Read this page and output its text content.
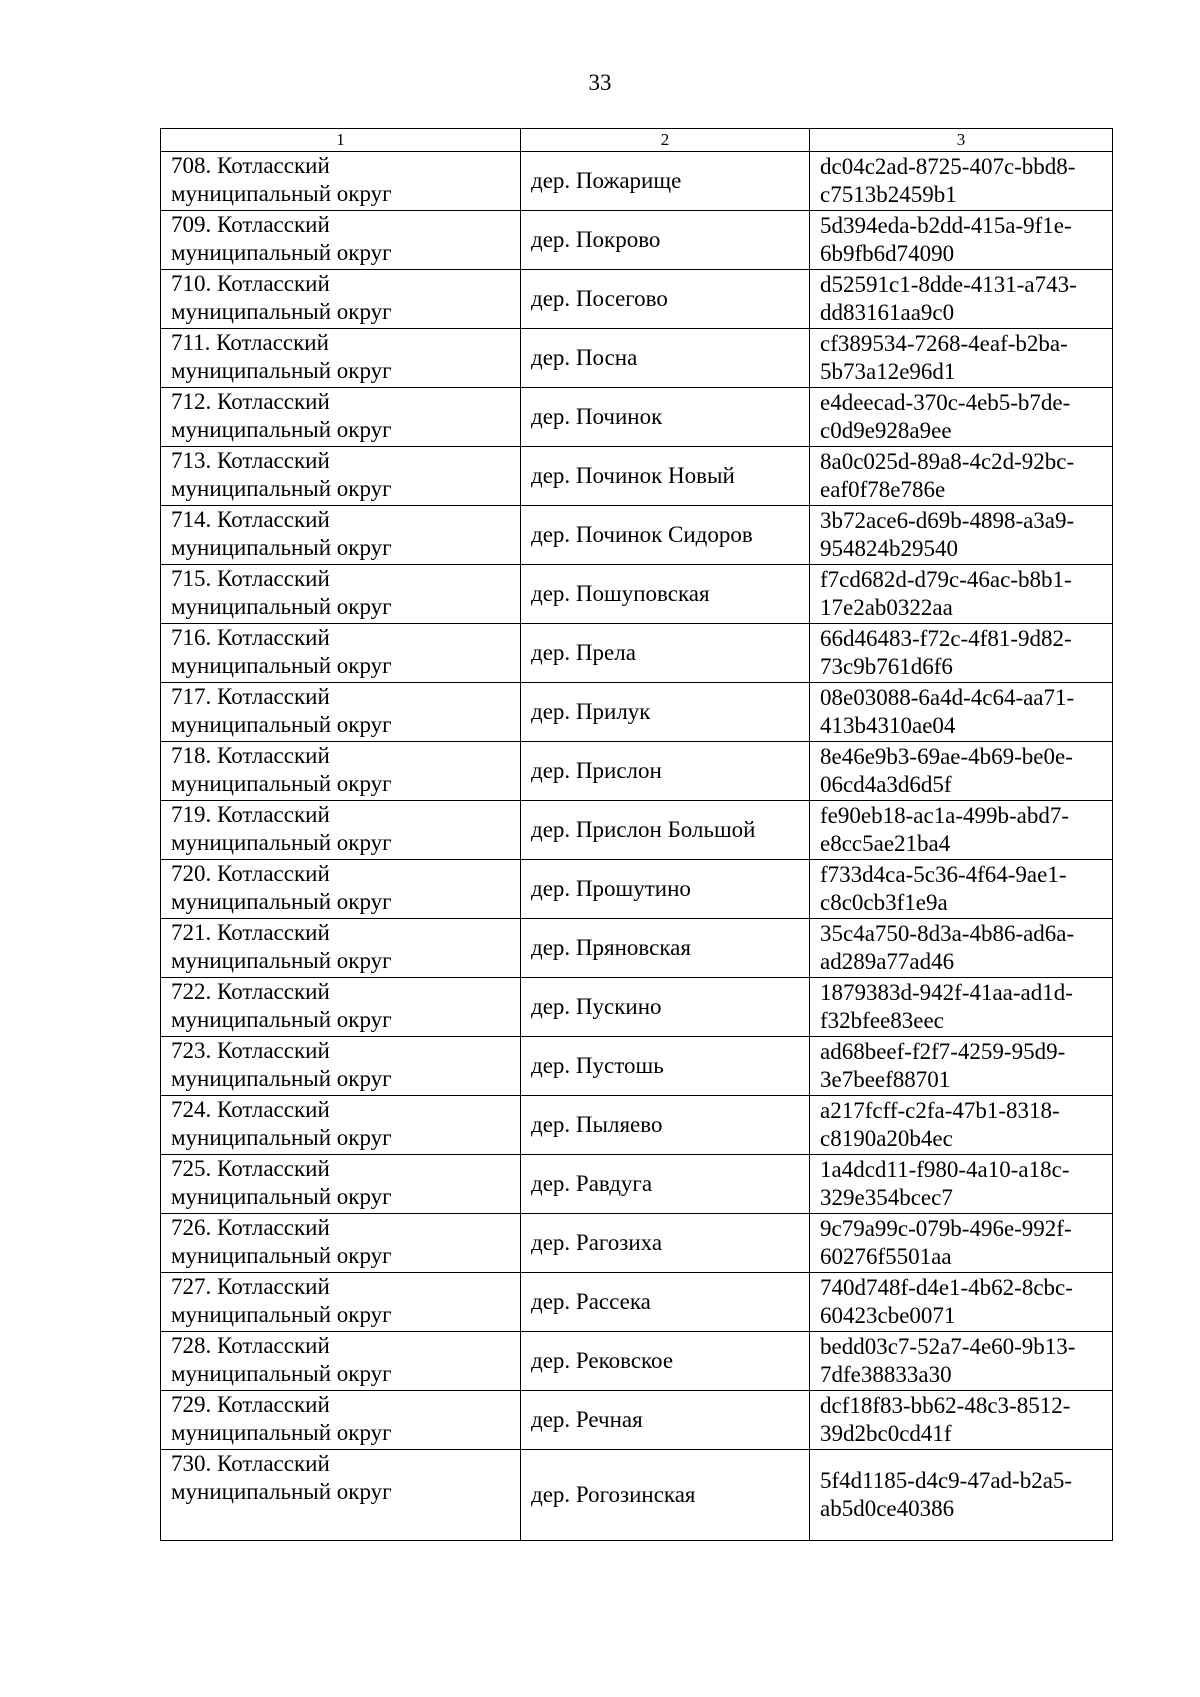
33
1	2	3

708. Котласский
муниципальный округ	дер. Пожарище	dc04c2ad-8725-407c-bbd8-
c7513b2459b1

709. Котласский
муниципальный округ	дер. Покрово	5d394eda-b2dd-415a-9f1e-
6b9fb6d74090

710. Котласский
муниципальный округ	дер. Посегово	d52591c1-8dde-4131-a743-
dd83161aa9c0

711. Котласский
муниципальный округ	дер. Посна	cf389534-7268-4eaf-b2ba-
5b73a12e96d1

712. Котласский
муниципальный округ	дер. Починок	e4deecad-370c-4eb5-b7de-
c0d9e928a9ee

713. Котласский
муниципальный округ	дер. Починок Новый	8a0c025d-89a8-4c2d-92bc-
eaf0f78e786e

714. Котласский
муниципальный округ	дер. Починок Сидоров	3b72ace6-d69b-4898-a3a9-
954824b29540

715. Котласский
муниципальный округ	дер. Пошуповская	f7cd682d-d79c-46ac-b8b1-
17e2ab0322aa

716. Котласский
муниципальный округ	дер. Прела	66d46483-f72c-4f81-9d82-
73c9b761d6f6

717. Котласский
муниципальный округ	дер. Прилук	08e03088-6a4d-4c64-aa71-
413b4310ae04

718. Котласский
муниципальный округ	дер. Прислон	8e46e9b3-69ae-4b69-be0e-
06cd4a3d6d5f

719. Котласский
муниципальный округ	дер. Прислон Большой	fe90eb18-ac1a-499b-abd7-
e8cc5ae21ba4

720. Котласский
муниципальный округ	дер. Прошутино	f733d4ca-5c36-4f64-9ae1-
c8c0cb3f1e9a

721. Котласский
муниципальный округ	дер. Пряновская	35c4a750-8d3a-4b86-ad6a-
ad289a77ad46

722. Котласский
муниципальный округ	дер. Пускино	1879383d-942f-41aa-ad1d-
f32bfee83eec

723. Котласский
муниципальный округ	дер. Пустошь	ad68beef-f2f7-4259-95d9-
3e7beef88701

724. Котласский
муниципальный округ	дер. Пыляево	a217fcff-c2fa-47b1-8318-
c8190a20b4ec

725. Котласский
муниципальный округ	дер. Равдуга	1a4dcd11-f980-4a10-a18c-
329e354bcec7

726. Котласский
муниципальный округ	дер. Рагозиха	9c79a99c-079b-496e-992f-
60276f5501aa

727. Котласский
муниципальный округ	дер. Рассека	740d748f-d4e1-4b62-8cbc-
60423cbe0071

728. Котласский
муниципальный округ	дер. Рековское	bedd03c7-52a7-4e60-9b13-
7dfe38833a30

729. Котласский
муниципальный округ	дер. Речная	dcf18f83-bb62-48c3-8512-
39d2bc0cd41f

730. Котласский
муниципальный округ	дер. Рогозинская	5f4d1185-d4c9-47ad-b2a5-
ab5d0ce40386
